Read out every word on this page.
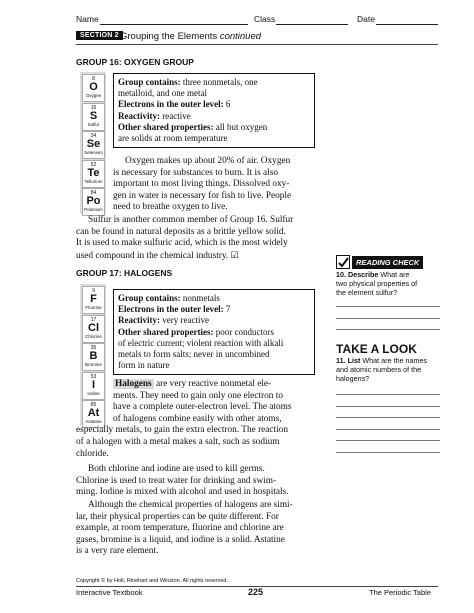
Name	Class	Date
SECTION 2 Grouping the Elements continued
GROUP 16: OXYGEN GROUP
8
O
Oxygen
16
S
Sulfur
34
Se
Selenium
52
Te
Tellurium
84
Po
Polonium
Group contains: three nonmetals, one
metalloid, and one metal
Electrons in the outer level: 6
Reactivity: reactive
Other shared properties: all but oxygen
are solids at room temperature
Oxygen makes up about 20% of air. Oxygen
is necessary for substances to burn. It is also
important to most living things. Dissolved oxy-
gen in water is necessary for fish to live. People
need to breathe oxygen to live.
Sulfur is another common member of Group 16. Sulfur
can be found in natural deposits as a brittle yellow solid.
It is used to make sulfuric acid, which is the most widely
used compound in the chemical industry. ☑
GROUP 17: HALOGENS
9
F
Fluorine
17
Cl
Chlorine
35
B
Bromine
53
I
Iodine
85
At
Astatine
Group contains: nonmetals
Electrons in the outer level: 7
Reactivity: very reactive
Other shared properties: poor conductors
of electric current; violent reaction with alkali
metals to form salts; never in uncombined
form in nature
Halogens are very reactive nonmetal ele-
ments. They need to gain only one electron to
have a complete outer-electron level. The atoms
of halogens combine easily with other atoms,
especially metals, to gain the extra electron. The reaction
of a halogen with a metal makes a salt, such as sodium
chloride.
Both chlorine and iodine are used to kill germs.
Chlorine is used to treat water for drinking and swim-
ming. Iodine is mixed with alcohol and used in hospitals.
Although the chemical properties of halogens are simi-
lar, their physical properties can be quite different. For
example, at room temperature, fluorine and chlorine are
gases, bromine is a liquid, and iodine is a solid. Astatine
is a very rare element.
READING CHECK
10. Describe What are
two physical properties of
the element sulfur?
TAKE A LOOK
11. List What are the names
and atomic numbers of the
halogens?
Copyright © by Holt, Rinehart and Winston. All rights reserved.
Interactive Textbook	225	The Periodic Table
